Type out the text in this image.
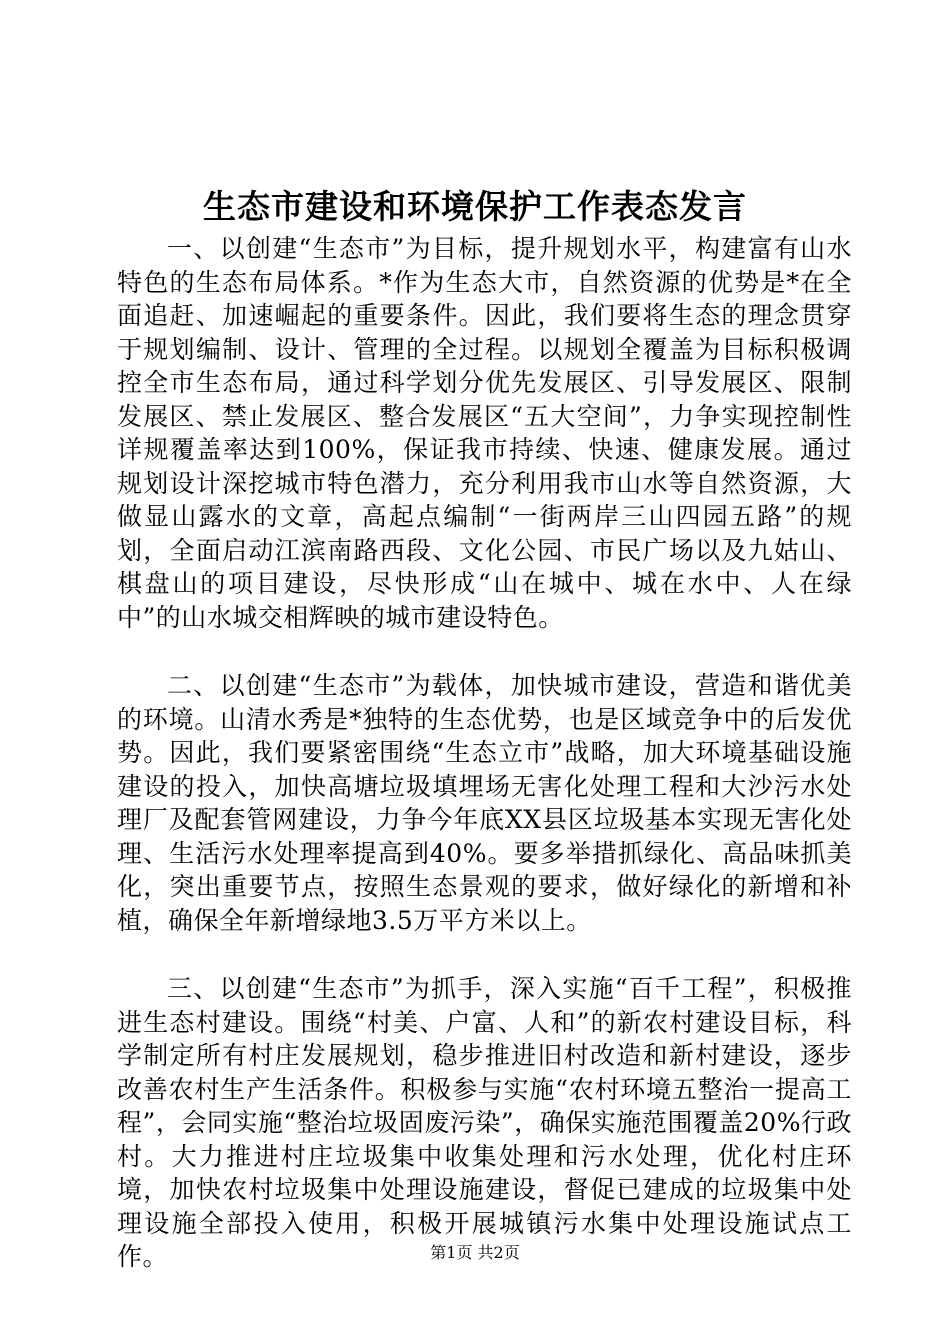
生态市建设和环境保护工作表态发言

一、以创建“生态市”为目标，提升规划水平，构建富有山水特色的生态布局体系。*作为生态大市，自然资源的优势是*在全面追赶、加速崛起的重要条件。因此，我们要将生态的理念贯穿于规划编制、设计、管理的全过程。以规划全覆盖为目标积极调控全市生态布局，通过科学划分优先发展区、引导发展区、限制发展区、禁止发展区、整合发展区“五大空间”，力争实现控制性详规覆盖率达到100%，保证我市持续、快速、健康发展。通过规划设计深挖城市特色潜力，充分利用我市山水等自然资源，大做显山露水的文章，高起点编制“一街两岸三山四园五路”的规划，全面启动江滨南路西段、文化公园、市民广场以及九姑山、棋盘山的项目建设，尽快形成“山在城中、城在水中、人在绿中”的山水城交相辉映的城市建设特色。

二、以创建“生态市”为载体，加快城市建设，营造和谐优美的环境。山清水秀是*独特的生态优势，也是区域竞争中的后发优势。因此，我们要紧密围绕“生态立市”战略，加大环境基础设施建设的投入，加快高塘垃圾填埋场无害化处理工程和大沙污水处理厂及配套管网建设，力争今年底XX县区垃圾基本实现无害化处理、生活污水处理率提高到40%。要多举措抓绿化、高品味抓美化，突出重要节点，按照生态景观的要求，做好绿化的新增和补植，确保全年新增绿地3.5万平方米以上。

三、以创建“生态市”为抓手，深入实施“百千工程”，积极推进生态村建设。围绕“村美、户富、人和”的新农村建设目标，科学制定所有村庄发展规划，稳步推进旧村改造和新村建设，逐步改善农村生产生活条件。积极参与实施“农村环境五整治一提高工程”，会同实施“整治垃圾固废污染”，确保实施范围覆盖20%行政村。大力推进村庄垃圾集中收集处理和污水处理，优化村庄环境，加快农村垃圾集中处理设施建设，督促已建成的垃圾集中处理设施全部投入使用，积极开展城镇污水集中处理设施试点工作。	第1页 共2页
